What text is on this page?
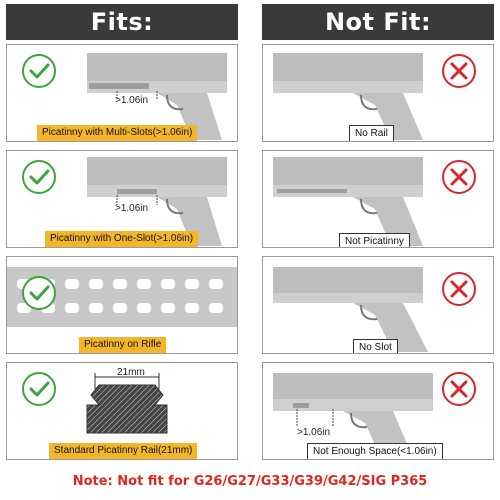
Fits:	Not Fit:
>1.06in
Picatinny with Multi-Slots(>1.06in)
>1.06in
Picatinny with One-Slot(>1.06in)
Picatinny on Rifle
21mm
Standard Picatinny Rail(21mm)
No Rail
Not Picatinny
No Slot
>1.06in
Not Enough Space(<1.06in)
Note: Not fit for G26/G27/G33/G39/G42/SIG P365
